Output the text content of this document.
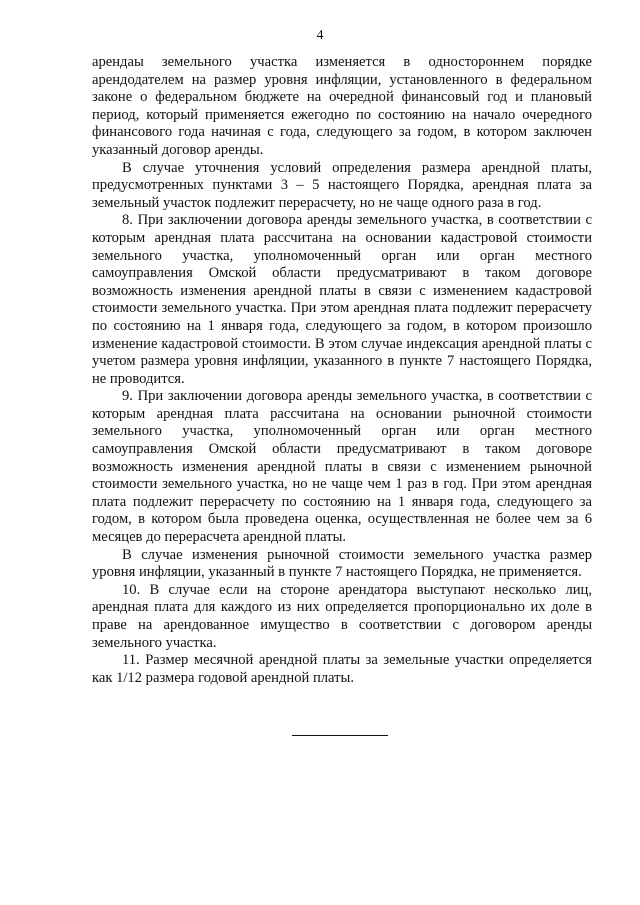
4

арендаы земельного участка изменяется в одностороннем порядке арендодателем на размер уровня инфляции, установленного в федеральном законе о федеральном бюджете на очередной финансовый год и плановый период, который применяется ежегодно по состоянию на начало очередного финансового года начиная с года, следующего за годом, в котором заключен указанный договор аренды.

В случае уточнения условий определения размера арендной платы, предусмотренных пунктами 3 – 5 настоящего Порядка, арендная плата за земельный участок подлежит перерасчету, но не чаще одного раза в год.

8. При заключении договора аренды земельного участка, в соответствии с которым арендная плата рассчитана на основании кадастровой стоимости земельного участка, уполномоченный орган или орган местного самоуправления Омской области предусматривают в таком договоре возможность изменения арендной платы в связи с изменением кадастровой стоимости земельного участка. При этом арендная плата подлежит перерасчету по состоянию на 1 января года, следующего за годом, в котором произошло изменение кадастровой стоимости. В этом случае индексация арендной платы с учетом размера уровня инфляции, указанного в пункте 7 настоящего Порядка, не проводится.

9. При заключении договора аренды земельного участка, в соответствии с которым арендная плата рассчитана на основании рыночной стоимости земельного участка, уполномоченный орган или орган местного самоуправления Омской области предусматривают в таком договоре возможность изменения арендной платы в связи с изменением рыночной стоимости земельного участка, но не чаще чем 1 раз в год. При этом арендная плата подлежит перерасчету по состоянию на 1 января года, следующего за годом, в котором была проведена оценка, осуществленная не более чем за 6 месяцев до перерасчета арендной платы.

В случае изменения рыночной стоимости земельного участка размер уровня инфляции, указанный в пункте 7 настоящего Порядка, не применяется.

10. В случае если на стороне арендатора выступают несколько лиц, арендная плата для каждого из них определяется пропорционально их доле в праве на арендованное имущество в соответствии с договором аренды земельного участка.

11. Размер месячной арендной платы за земельные участки определяется как 1/12 размера годовой арендной платы.
